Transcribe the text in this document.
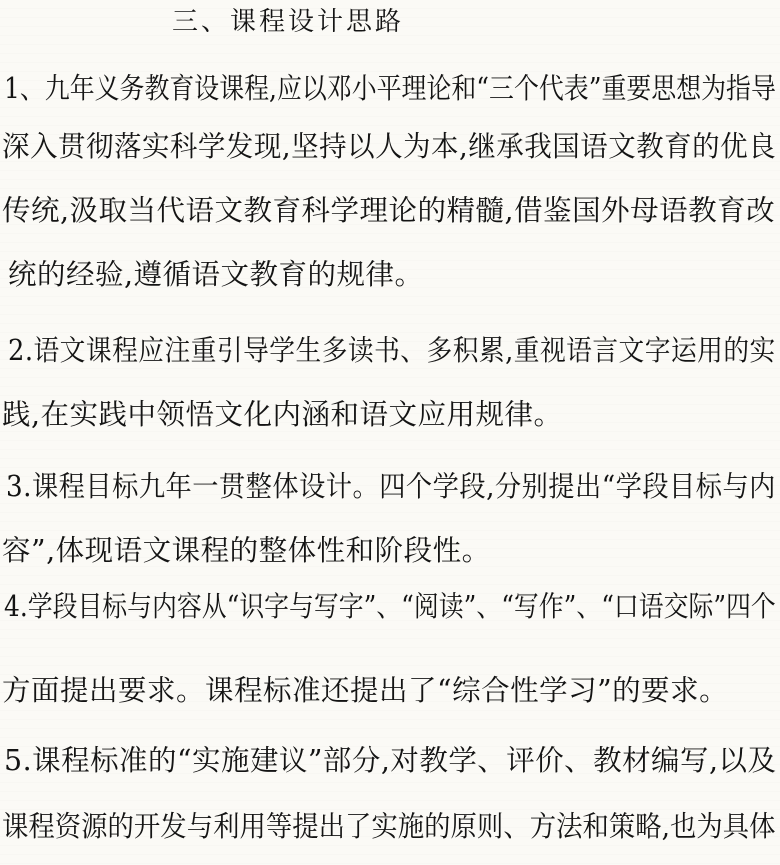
三、课程设计思路
1、九年义务教育设课程,应以邓小平理论和“三个代表”重要思想为指导
深入贯彻落实科学发现,坚持以人为本,继承我国语文教育的优良
传统,汲取当代语文教育科学理论的精髓,借鉴国外母语教育改
统的经验,遵循语文教育的规律。
2.语文课程应注重引导学生多读书、多积累,重视语言文字运用的实
践,在实践中领悟文化内涵和语文应用规律。
3.课程目标九年一贯整体设计。四个学段,分别提出“学段目标与内
容”,体现语文课程的整体性和阶段性。
4.学段目标与内容从“识字与写字”、“阅读”、“写作”、“口语交际”四个
方面提出要求。课程标准还提出了“综合性学习”的要求。
5.课程标准的“实施建议”部分,对教学、评价、教材编写,以及
课程资源的开发与利用等提出了实施的原则、方法和策略,也为具体
